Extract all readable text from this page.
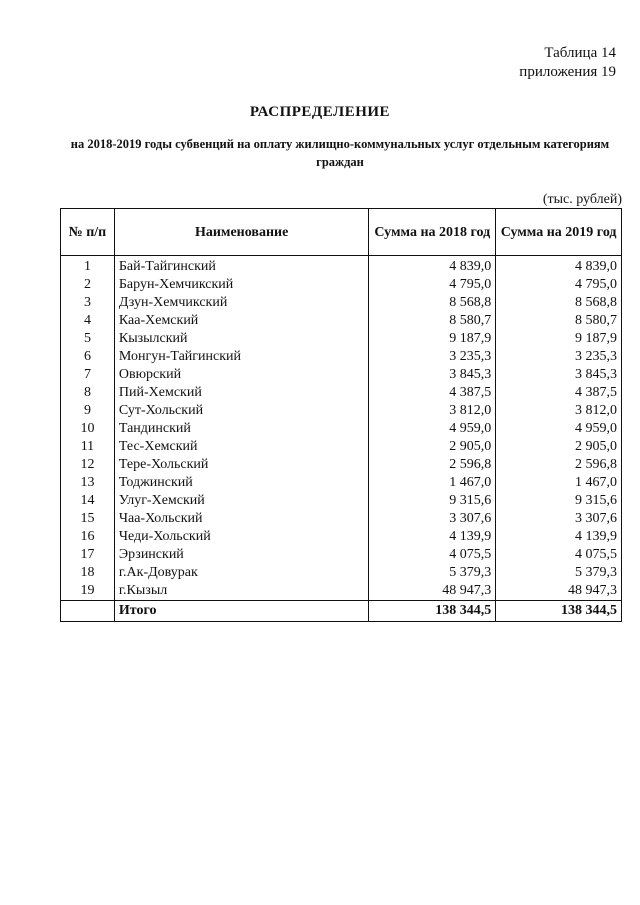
Таблица 14
приложения 19
РАСПРЕДЕЛЕНИЕ
на 2018-2019 годы субвенций на оплату жилищно-коммунальных услуг отдельным категориям граждан
(тыс. рублей)
№ п/п	Наименование	Сумма на 2018 год	Сумма на 2019 год
1	Бай-Тайгинский	4 839,0	4 839,0
2	Барун-Хемчикский	4 795,0	4 795,0
3	Дзун-Хемчикский	8 568,8	8 568,8
4	Каа-Хемский	8 580,7	8 580,7
5	Кызылский	9 187,9	9 187,9
6	Монгун-Тайгинский	3 235,3	3 235,3
7	Овюрский	3 845,3	3 845,3
8	Пий-Хемский	4 387,5	4 387,5
9	Сут-Хольский	3 812,0	3 812,0
10	Тандинский	4 959,0	4 959,0
11	Тес-Хемский	2 905,0	2 905,0
12	Тере-Хольский	2 596,8	2 596,8
13	Тоджинский	1 467,0	1 467,0
14	Улуг-Хемский	9 315,6	9 315,6
15	Чаа-Хольский	3 307,6	3 307,6
16	Чеди-Хольский	4 139,9	4 139,9
17	Эрзинский	4 075,5	4 075,5
18	г.Ак-Довурак	5 379,3	5 379,3
19	г.Кызыл	48 947,3	48 947,3
	Итого	138 344,5	138 344,5
